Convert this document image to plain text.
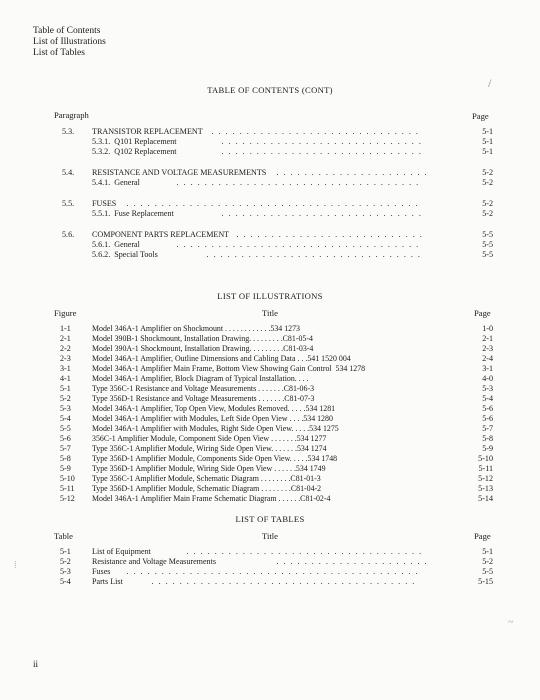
Table of Contents
List of Illustrations
List of Tables
/
TABLE OF CONTENTS (CONT)
Paragraph	Page
5.3. TRANSISTOR REPLACEMENT . . . . . . . . . . . . . . . . . . . . . . . . . . . . . .	5-1
5.3.1.  Q101 Replacement	. . . . . . . . . . . . . . . . . . . . . . . . . . . . .	5-1
5.3.2.  Q102 Replacement	. . . . . . . . . . . . . . . . . . . . . . . . . . . . .	5-1
5.4. RESISTANCE AND VOLTAGE MEASUREMENTS . . . . . . . . . . . . . . . . . . . . . .	5-2
5.4.1.  General	. . . . . . . . . . . . . . . . . . . . . . . . . . . . . . . . . . .	5-2
5.5. FUSES . . . . . . . . . . . . . . . . . . . . . . . . . . . . . . . . . . . . . . . . . .	5-2
5.5.1.  Fuse Replacement	. . . . . . . . . . . . . . . . . . . . . . . . . . . . .	5-2
5.6. COMPONENT PARTS REPLACEMENT . . . . . . . . . . . . . . . . . . . . . . . . . . .	5-5
5.6.1.  General	. . . . . . . . . . . . . . . . . . . . . . . . . . . . . . . . . . .	5-5
5.6.2.  Special Tools	. . . . . . . . . . . . . . . . . . . . . . . . . . . . . . .	5-5
LIST OF ILLUSTRATIONS
Figure	Title	Page
1-1	Model 346A-1 Amplifier on Shockmount . . . . . . . . . . . .534 1273	1-0
2-1	Model 390B-1 Shockmount, Installation Drawing. . . . . . . . .C81-05-4	2-1
2-2	Model 390A-1 Shockmount, Installation Drawing. . . . . . . . .C81-03-4	2-3
2-3	Model 346A-1 Amplifier, Outline Dimensions and Cabling Data . . .541 1520 004	2-4
3-1	Model 346A-1 Amplifier Main Frame, Bottom View Showing Gain Control  534 1278	3-1
4-1	Model 346A-1 Amplifier, Block Diagram of Typical Installation. . . .	4-0
5-1	Type 356C-1 Resistance and Voltage Measurements . . . . . . .C81-06-3	5-3
5-2	Type 356D-1 Resistance and Voltage Measurements . . . . . . .C81-07-3	5-4
5-3	Model 346A-1 Amplifier, Top Open View, Modules Removed. . . . .534 1281	5-6
5-4	Model 346A-1 Amplifier with Modules, Left Side Open View . . . .534 1280	5-6
5-5	Model 346A-1 Amplifier with Modules, Right Side Open View. . . . .534 1275	5-7
5-6	356C-1 Amplifier Module, Component Side Open View . . . . . . .534 1277	5-8
5-7	Type 356C-1 Amplifier Module, Wiring Side Open View. . . . . . .534 1274	5-9
5-8	Type 356D-1 Amplifier Module, Components Side Open View. . . . .534 1748	5-10
5-9	Type 356D-1 Amplifier Module, Wiring Side Open View . . . . . .534 1749	5-11
5-10 Type 356C-1 Amplifier Module, Schematic Diagram . . . . . . . .C81-01-3	5-12
5-11 Type 356D-1 Amplifier Module, Schematic Diagram . . . . . . . .C81-04-2	5-13
5-12 Model 346A-1 Amplifier Main Frame Schematic Diagram . . . . . .C81-02-4	5-14
LIST OF TABLES
Table	Title	Page
5-1	List of Equipment	. . . . . . . . . . . . . . . . . . . . . . . . . . . . . . . . . .	5-1
5-2	Resistance and Voltage Measurements	. . . . . . . . . . . . . . . . . . . . . .	5-2
5-3	Fuses . . . . . . . . . . . . . . . . . . . . . . . . . . . . . . . . . . . . . . . . . .	5-5
5-4	Parts List	. . . . . . . . . . . . . . . . . . . . . . . . . . . . . . . . . . . . . .	5-15
⁞
~
ii
